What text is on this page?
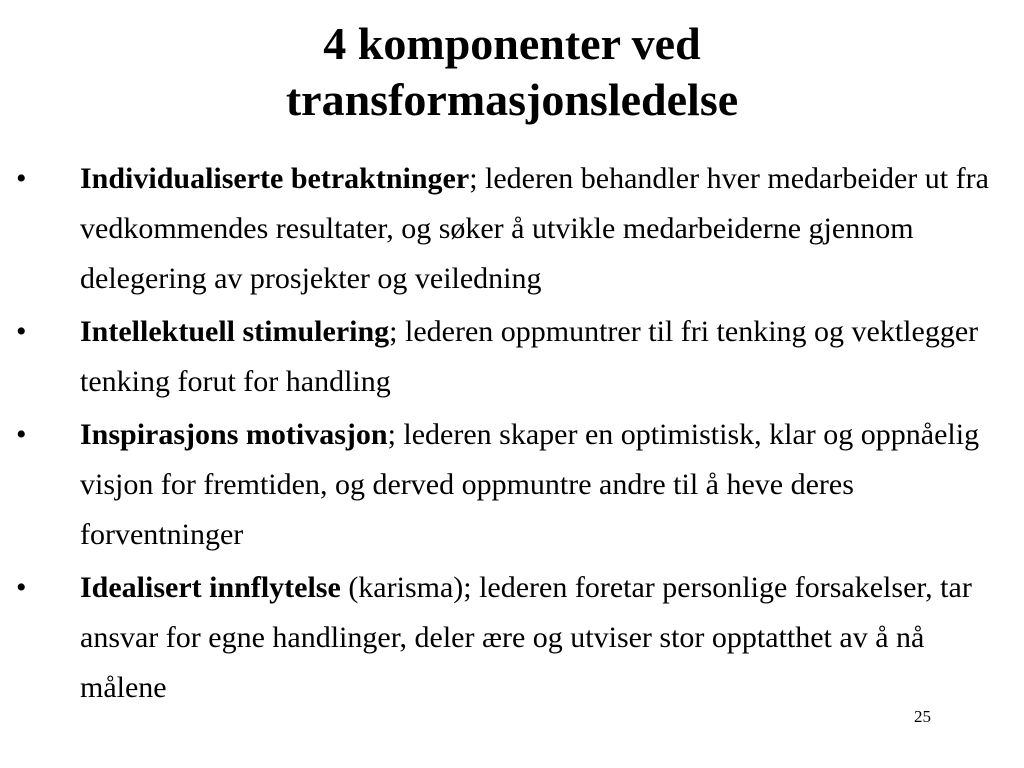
4 komponenter ved
transformasjonsledelse
• Individualiserte betraktninger; lederen behandler hver medarbeider ut fra vedkommendes resultater, og søker å utvikle medarbeiderne gjennom delegering av prosjekter og veiledning
• Intellektuell stimulering; lederen oppmuntrer til fri tenking og vektlegger tenking forut for handling
• Inspirasjons motivasjon; lederen skaper en optimistisk, klar og oppnåelig visjon for fremtiden, og derved oppmuntre andre til å heve deres forventninger
• Idealisert innflytelse (karisma); lederen foretar personlige forsakelser, tar ansvar for egne handlinger, deler ære og utviser stor opptatthet av å nå målene
25
